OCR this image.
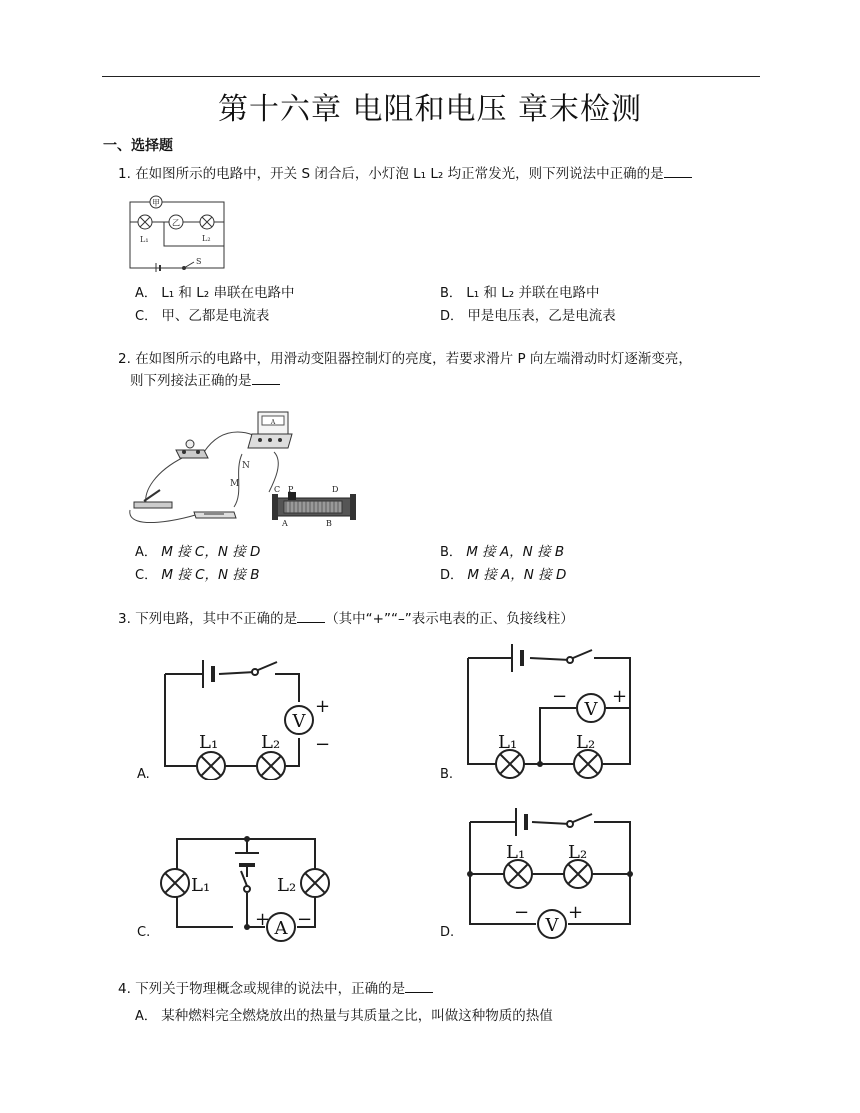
第十六章 电阻和电压 章末检测
一、选择题
1. 在如图所示的电路中，开关 S 闭合后，小灯泡 L₁ L₂ 均正常发光，则下列说法中正确的是
甲
乙
L₁	L₂
S
A． L₁ 和 L₂ 串联在电路中	B． L₁ 和 L₂ 并联在电路中
C． 甲、乙都是电流表	D． 甲是电压表，乙是电流表
2. 在如图所示的电路中，用滑动变阻器控制灯的亮度，若要求滑片 P 向左端滑动时灯逐渐变亮，
则下列接法正确的是
A
N
M
C P	D
A	B
A． M 接 C，N 接 D	B． M 接 A，N 接 B
C． M 接 C，N 接 B	D． M 接 A，N 接 D
3. 下列电路，其中不正确的是 （其中“+”“–”表示电表的正、负接线柱）
V
+
−
L₁ L₂
A.
V
− +
L₁	L₂
B.
A
+ −
L₁	L₂
C.
L₁ L₂
V
− +
D.
4. 下列关于物理概念或规律的说法中，正确的是
A． 某种燃料完全燃烧放出的热量与其质量之比，叫做这种物质的热值
